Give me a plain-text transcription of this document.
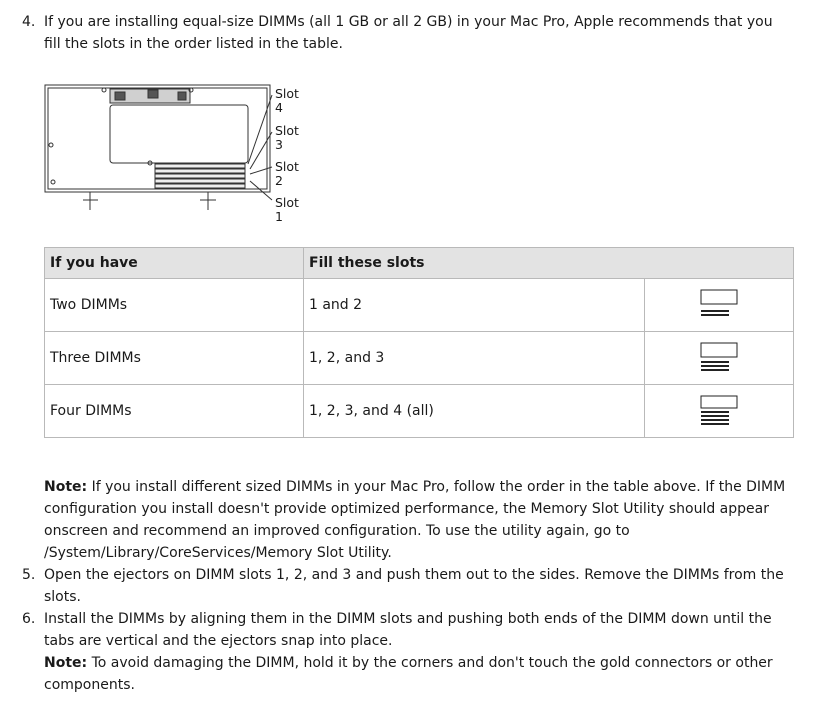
4. If you are installing equal-size DIMMs (all 1 GB or all 2 GB) in your Mac Pro, Apple recommends that you fill the slots in the order listed in the table.
Slot 4
Slot 3
Slot 2
Slot 1
If you have	Fill these slots	
Two DIMMs	1 and 2	
Three DIMMs	1, 2, and 3	
Four DIMMs	1, 2, 3, and 4 (all)	
Note: If you install different sized DIMMs in your Mac Pro, follow the order in the table above. If the DIMM configuration you install doesn't provide optimized performance, the Memory Slot Utility should appear onscreen and recommend an improved configuration. To use the utility again, go to /System/Library/CoreServices/Memory Slot Utility.
5. Open the ejectors on DIMM slots 1, 2, and 3 and push them out to the sides. Remove the DIMMs from the slots.
6. Install the DIMMs by aligning them in the DIMM slots and pushing both ends of the DIMM down until the tabs are vertical and the ejectors snap into place.
Note: To avoid damaging the DIMM, hold it by the corners and don't touch the gold connectors or other components.
